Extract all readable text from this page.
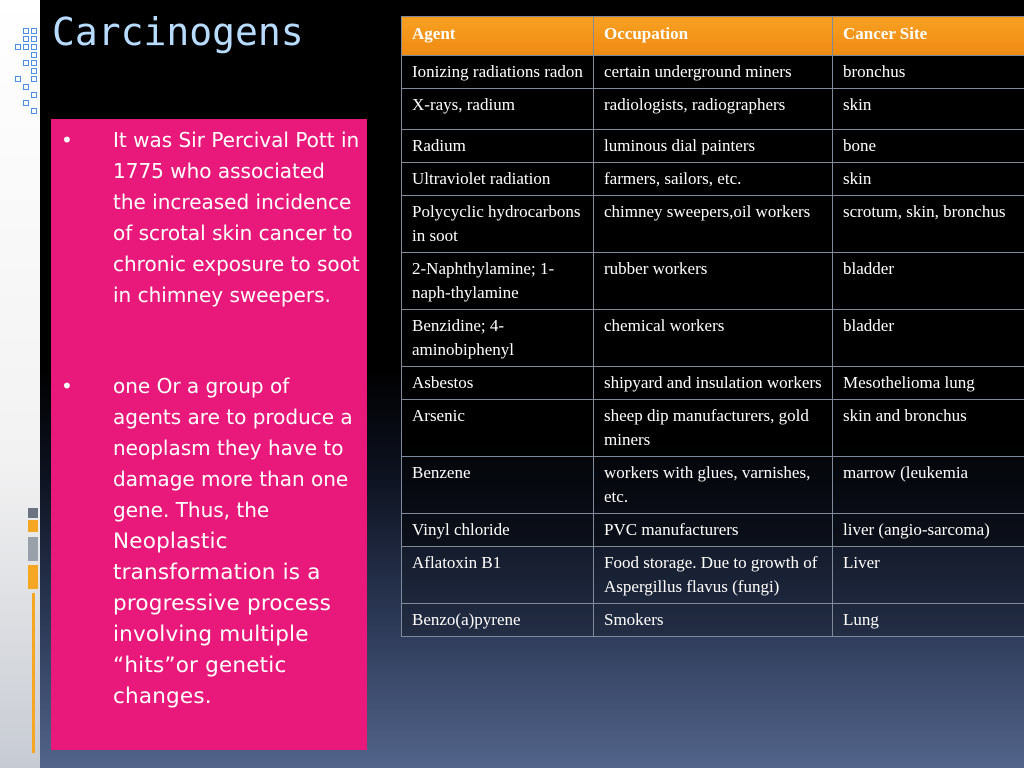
Carcinogens
• It was Sir Percival Pott in 1775 who associated the increased incidence of scrotal skin cancer to chronic exposure to soot in chimney sweepers.
• one Or a group of agents are to produce a neoplasm they have to damage more than one gene. Thus, the Neoplastic transformation is a progressive process involving multiple “hits”or genetic changes.
Agent	Occupation	Cancer Site
Ionizing radiations radon	certain underground miners	bronchus
X-rays, radium	radiologists, radiographers	skin
Radium	luminous dial painters	bone
Ultraviolet radiation	farmers, sailors, etc.	skin
Polycyclic hydrocarbons in soot	chimney sweepers,oil workers	scrotum, skin, bronchus
2-Naphthylamine; 1-naph-thylamine	rubber workers	bladder
Benzidine; 4-aminobiphenyl	chemical workers	bladder
Asbestos	shipyard and insulation workers	Mesothelioma lung
Arsenic	sheep dip manufacturers, gold miners	skin and bronchus
Benzene	workers with glues, varnishes, etc.	marrow (leukemia
Vinyl chloride	PVC manufacturers	liver (angio-sarcoma)
Aflatoxin B1	Food storage. Due to growth of Aspergillus flavus (fungi)	Liver
Benzo(a)pyrene	Smokers	Lung
